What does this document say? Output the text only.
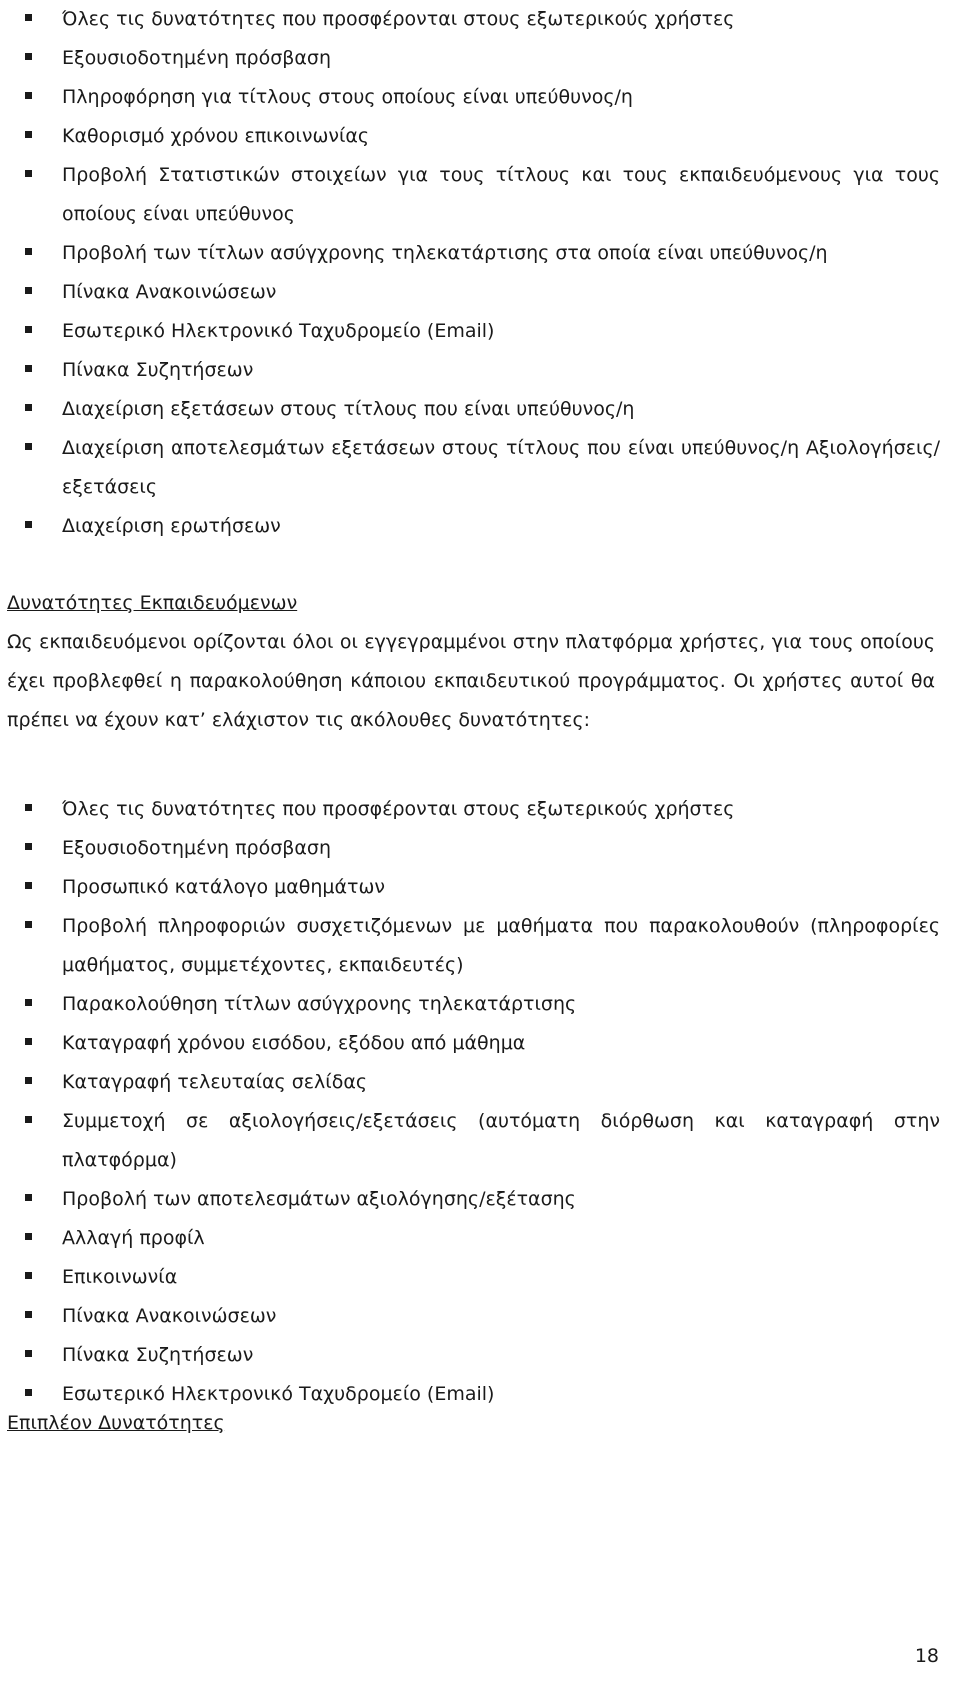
Όλες τις δυνατότητες που προσφέρονται στους εξωτερικούς χρήστες
Εξουσιοδοτημένη πρόσβαση
Πληροφόρηση για τίτλους στους οποίους είναι υπεύθυνος/η
Καθορισμό χρόνου επικοινωνίας
Προβολή Στατιστικών στοιχείων για τους τίτλους και τους εκπαιδευόμενους για τους οποίους είναι υπεύθυνος
Προβολή των τίτλων ασύγχρονης τηλεκατάρτισης στα οποία είναι υπεύθυνος/η
Πίνακα Ανακοινώσεων
Εσωτερικό Ηλεκτρονικό Ταχυδρομείο (Email)
Πίνακα Συζητήσεων
Διαχείριση εξετάσεων στους τίτλους που είναι υπεύθυνος/η
Διαχείριση αποτελεσμάτων εξετάσεων στους τίτλους που είναι υπεύθυνος/η Αξιολογήσεις/εξετάσεις
Διαχείριση ερωτήσεων
Δυνατότητες Εκπαιδευόμενων
Ως εκπαιδευόμενοι ορίζονται όλοι οι εγγεγραμμένοι στην πλατφόρμα χρήστες, για τους οποίους έχει προβλεφθεί η παρακολούθηση κάποιου εκπαιδευτικού προγράμματος. Οι χρήστες αυτοί θα πρέπει να έχουν κατ’ ελάχιστον τις ακόλουθες δυνατότητες:
Όλες τις δυνατότητες που προσφέρονται στους εξωτερικούς χρήστες
Εξουσιοδοτημένη πρόσβαση
Προσωπικό κατάλογο μαθημάτων
Προβολή πληροφοριών συσχετιζόμενων με μαθήματα που παρακολουθούν (πληροφορίες μαθήματος, συμμετέχοντες, εκπαιδευτές)
Παρακολούθηση τίτλων ασύγχρονης τηλεκατάρτισης
Καταγραφή χρόνου εισόδου, εξόδου από μάθημα
Καταγραφή τελευταίας σελίδας
Συμμετοχή σε αξιολογήσεις/εξετάσεις (αυτόματη διόρθωση και καταγραφή στην πλατφόρμα)
Προβολή των αποτελεσμάτων αξιολόγησης/εξέτασης
Αλλαγή προφίλ
Επικοινωνία
Πίνακα Ανακοινώσεων
Πίνακα Συζητήσεων
Εσωτερικό Ηλεκτρονικό Ταχυδρομείο (Email)
Επιπλέον Δυνατότητες
18
